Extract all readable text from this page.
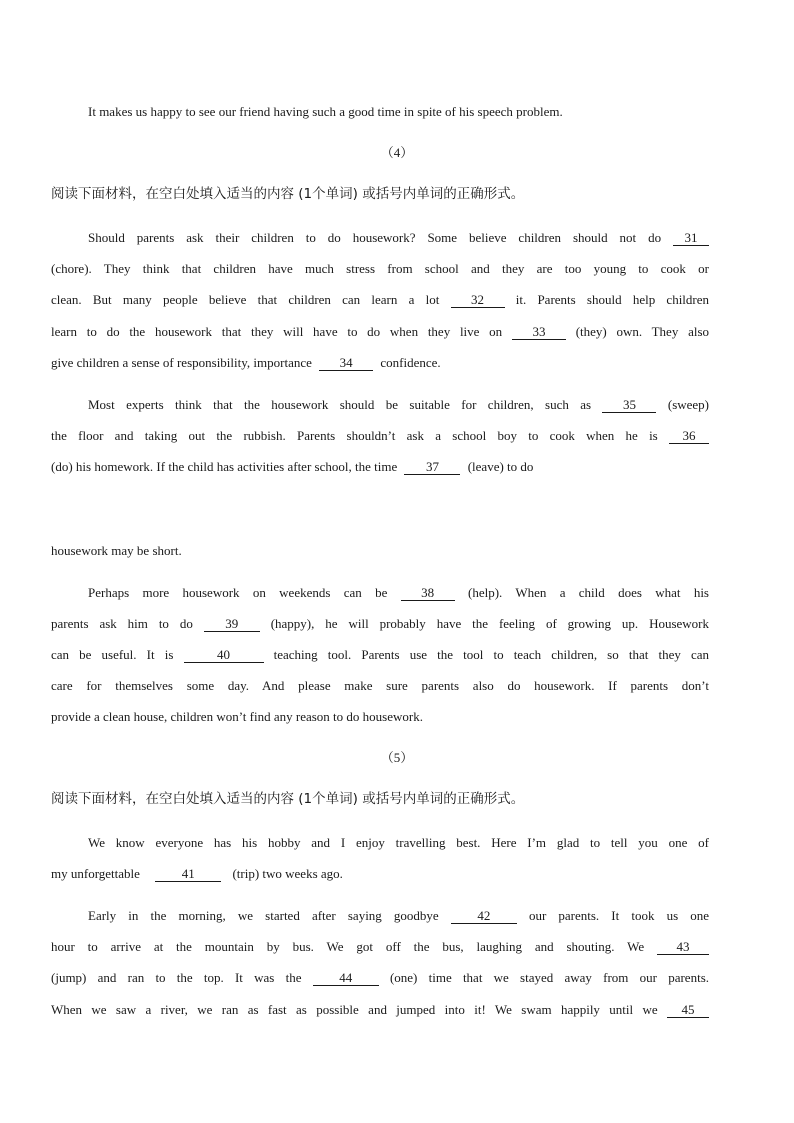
It makes us happy to see our friend having such a good time in spite of his speech problem.
（4）
阅读下面材料，在空白处填入适当的内容 (1个单词) 或括号内单词的正确形式。
Should parents ask their children to do housework? Some believe children should not do 31
(chore). They think that children have much stress from school and they are too young to cook or
clean. But many people believe that children can learn a lot 32 it. Parents should help children
learn to do the housework that they will have to do when they live on 33 (they) own. They also
give children a sense of responsibility, importance 34 confidence.
Most experts think that the housework should be suitable for children, such as 35 (sweep)
the floor and taking out the rubbish. Parents shouldn’t ask a school boy to cook when he is 36
(do) his homework. If the child has activities after school, the time 37 (leave) to do
housework may be short.
Perhaps more housework on weekends can be	38	(help). When a child does what his
parents ask him to do 39 (happy), he will probably have the feeling of growing up. Housework
can be useful. It is	40	teaching tool. Parents use the tool to teach children, so that they can
care for themselves some day. And please make sure parents also do housework. If parents don’t
provide a clean house, children won’t find any reason to do housework.
（5）
阅读下面材料，在空白处填入适当的内容 (1个单词) 或括号内单词的正确形式。
We know everyone has his hobby and I enjoy travelling best. Here I’m glad to tell you one of
my unforgettable	41	(trip) two weeks ago.
Early in the morning, we started after saying goodbye	42	our parents. It took us one
hour to arrive at the mountain by bus. We got off the bus, laughing and shouting. We 43
(jump) and ran to the top. It was the	44	(one) time that we stayed away from our parents.
When we saw a river, we ran as fast as possible and jumped into it! We swam happily until we 45
